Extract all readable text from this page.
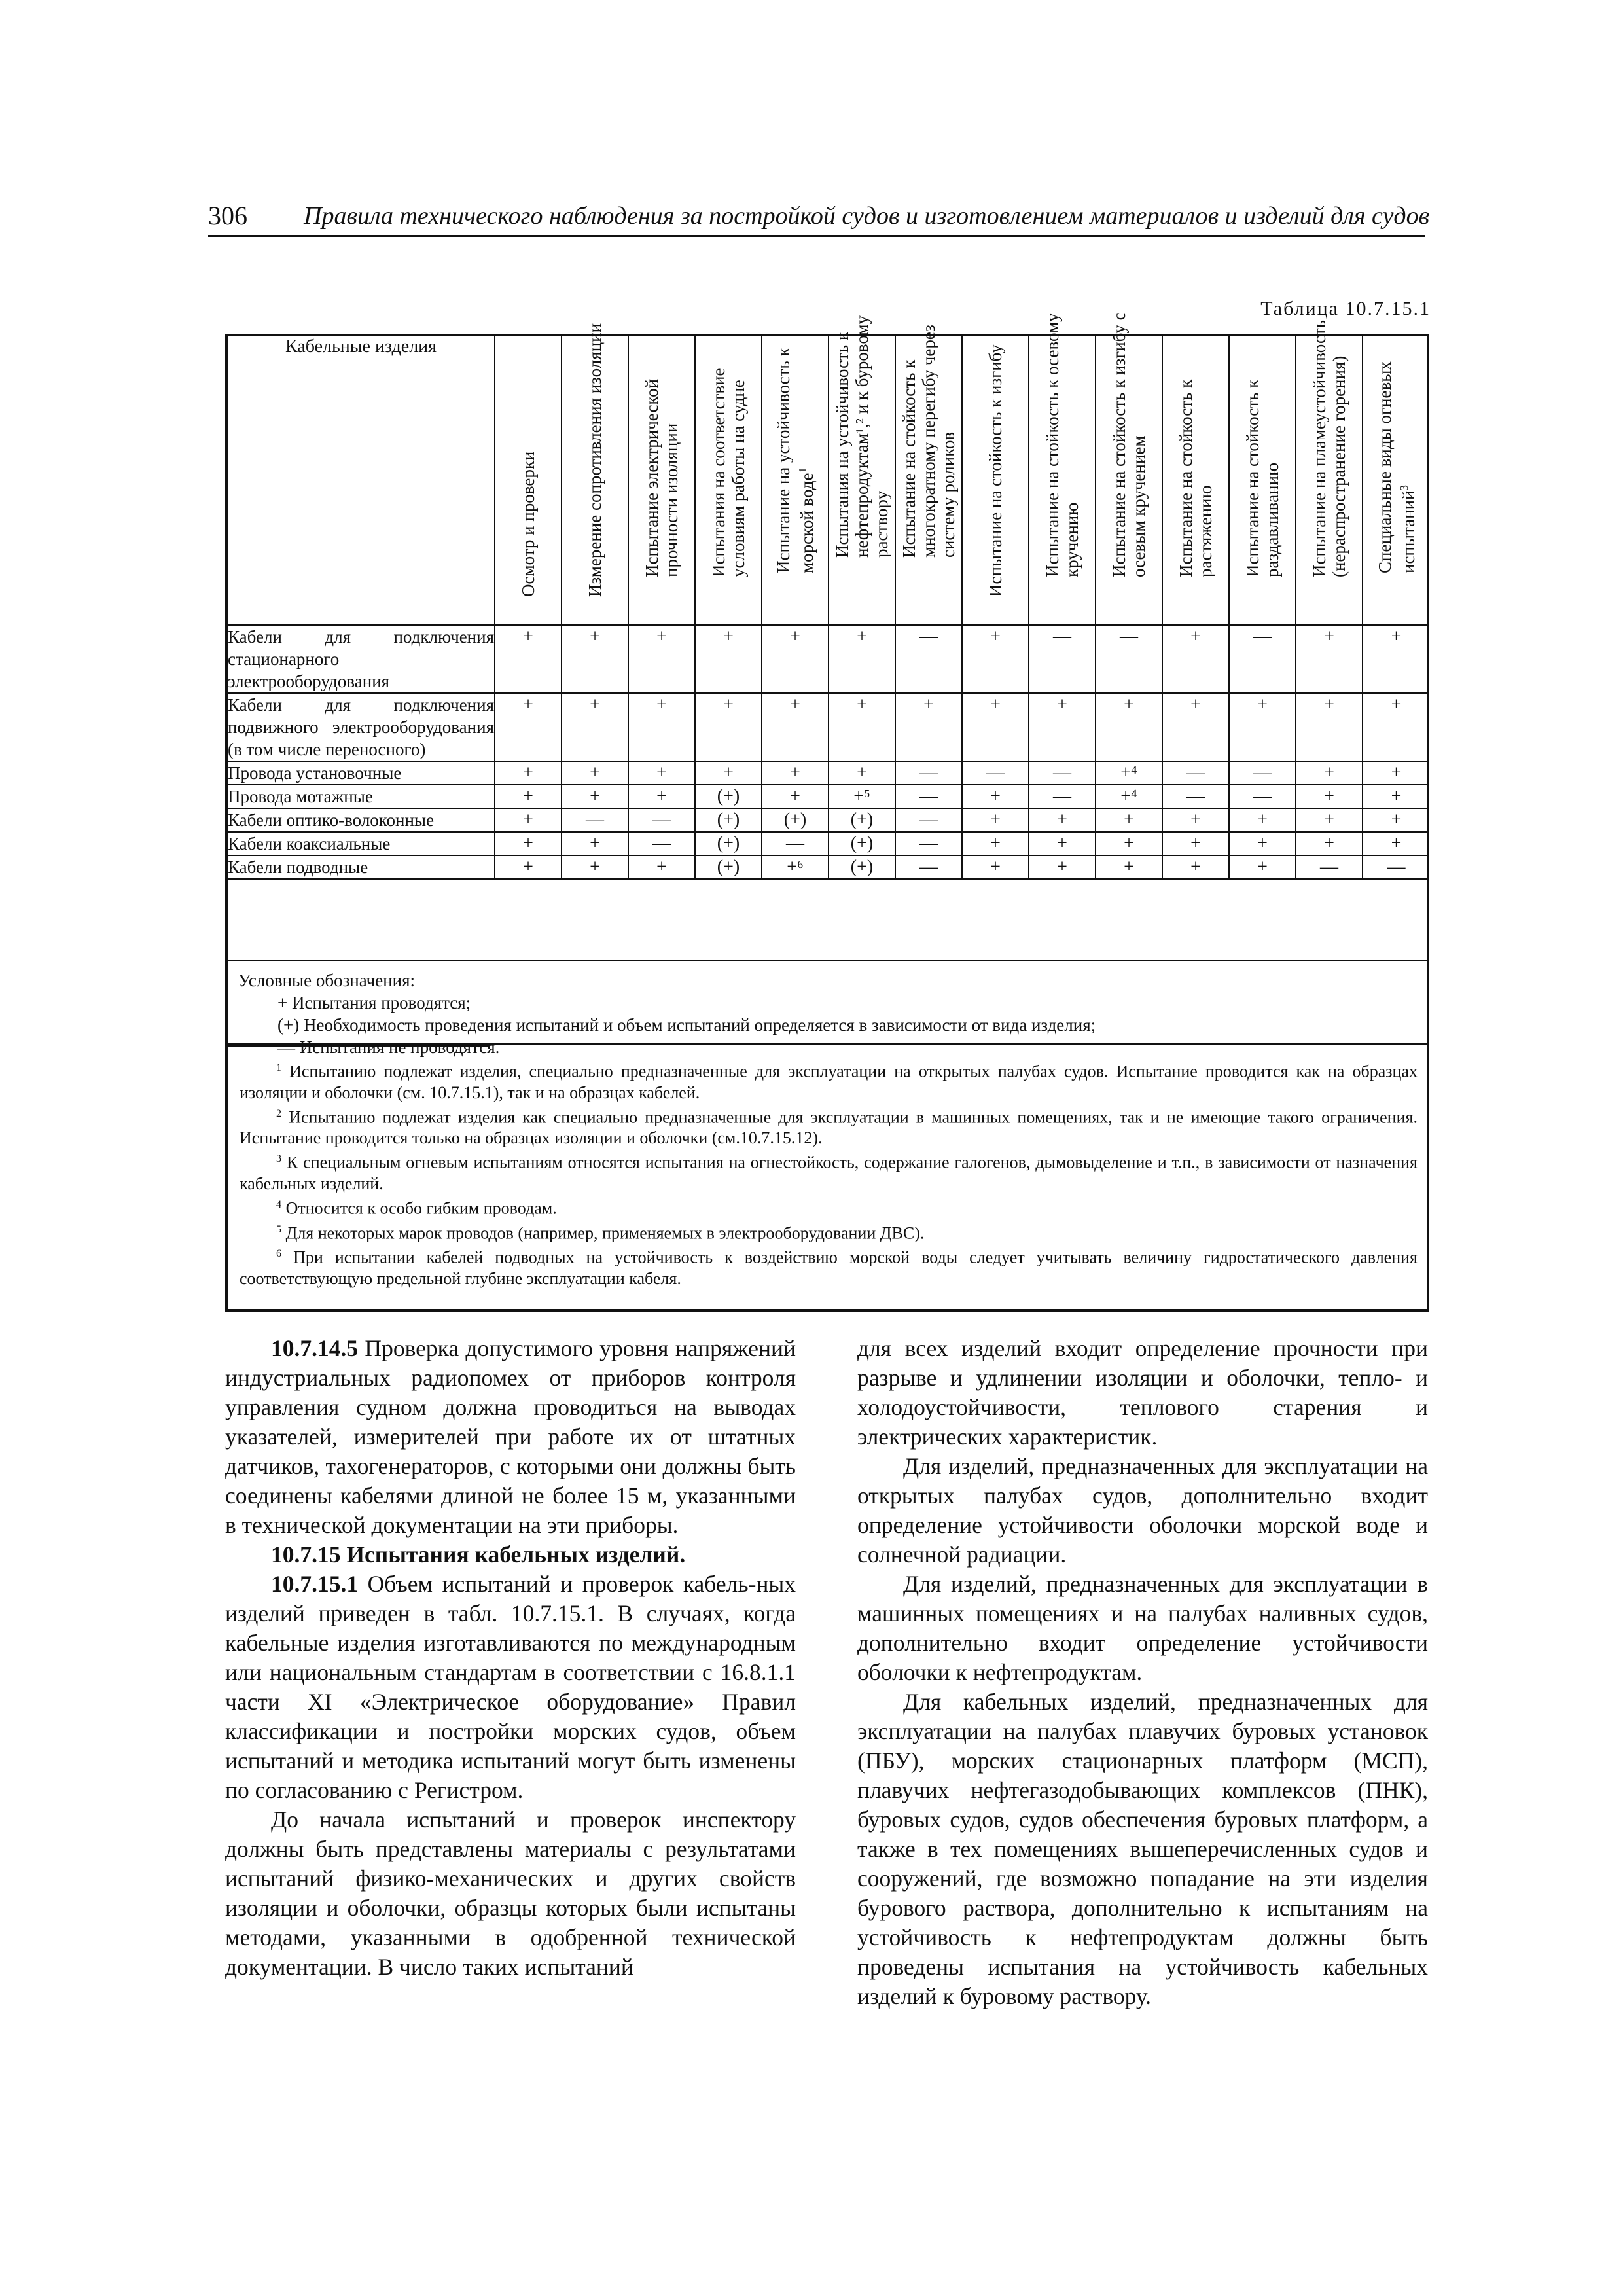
306 Правила технического наблюдения за постройкой судов и изготовлением материалов и изделий для судов
Таблица 10.7.15.1
Кабельные изделия	Осмотр и проверки	Измерение сопротивления изоляции	Испытание электрической прочности изоляции	Испытания на соответствие условиям работы на судне	Испытание на устойчивость к морской воде$^1$	Испытания на устойчивость к нефтепродуктам¹,² и к буровому раствору	Испытание на стойкость к многократному перегибу через систему роликов	Испытание на стойкость к изгибу	Испытание на стойкость к осевому кручению	Испытание на стойкость к изгибу с осевым кручением	Испытание на стойкость к растяжению	Испытание на стойкость к раздавливанию	Испытание на пламеустойчивость (нераспространение горения)	Специальные виды огневых испытаний$^3$

Кабели для подключения стационарного электрооборудования	+	+	+	+	+	+	—	+	—	—	+	—	+	+
Кабели для подключения подвижного электрооборудования (в том числе переносного)	+	+	+	+	+	+	+	+	+	+	+	+	+	+
Провода установочные	+	+	+	+	+	+	—	—	—	+⁴	—	—	+	+
Провода мотажные	+	+	+	(+)	+	+⁵	—	+	—	+⁴	—	—	+	+
Кабели оптико-волоконные	+	—	—	(+)	(+)	(+)	—	+	+	+	+	+	+	+
Кабели коаксиальные	+	+	—	(+)	—	(+)	—	+	+	+	+	+	+	+
Кабели подводные	+	+	+	(+)	+⁶	(+)	—	+	+	+	+	+	—	—
Условные обозначения:
+ Испытания проводятся;
(+) Необходимость проведения испытаний и объем испытаний определяется в зависимости от вида изделия;
— Испытания не проводятся.
$^1$ Испытанию подлежат изделия, специально предназначенные для эксплуатации на открытых палубах судов. Испытание проводится как на образцах изоляции и оболочки (см. 10.7.15.1), так и на образцах кабелей.
$^2$ Испытанию подлежат изделия как специально предназначенные для эксплуатации в машинных помещениях, так и не имеющие такого ограничения. Испытание проводится только на образцах изоляции и оболочки (см.10.7.15.12).
$^3$ К специальным огневым испытаниям относятся испытания на огнестойкость, содержание галогенов, дымовыделение и т.п., в зависимости от назначения кабельных изделий.
$^4$ Относится к особо гибким проводам.
$^5$ Для некоторых марок проводов (например, применяемых в электрооборудовании ДВС).
$^6$ При испытании кабелей подводных на устойчивость к воздействию морской воды следует учитывать величину гидростатического давления соответствующую предельной глубине эксплуатации кабеля.

10.7.14.5 Проверка допустимого уровня напряжений индустриальных радиопомех от приборов контроля управления судном должна проводиться на выводах указателей, измерителей при работе их от штатных датчиков, тахогенераторов, с которыми они должны быть соединены кабелями длиной не более 15 м, указанными в технической документации на эти приборы.

10.7.15 Испытания кабельных изделий.

10.7.15.1 Объем испытаний и проверок кабель-ных изделий приведен в табл. 10.7.15.1. В случаях, когда кабельные изделия изготавливаются по международным или национальным стандартам в соответствии с 16.8.1.1 части XI «Электрическое оборудование» Правил классификации и постройки морских судов, объем испытаний и методика испытаний могут быть изменены по согласованию с Регистром.

До начала испытаний и проверок инспектору должны быть представлены материалы с результатами испытаний физико-механических и других свойств изоляции и оболочки, образцы которых были испытаны методами, указанными в одобренной технической документации. В число таких испытаний

для всех изделий входит определение прочности при разрыве и удлинении изоляции и оболочки, тепло- и холодоустойчивости, теплового старения и электрических характеристик.

Для изделий, предназначенных для эксплуатации на открытых палубах судов, дополнительно входит определение устойчивости оболочки морской воде и солнечной радиации.

Для изделий, предназначенных для эксплуатации в машинных помещениях и на палубах наливных судов, дополнительно входит определение устойчивости оболочки к нефтепродуктам.

Для кабельных изделий, предназначенных для эксплуатации на палубах плавучих буровых установок (ПБУ), морских стационарных платформ (МСП), плавучих нефтегазодобывающих комплексов (ПНК), буровых судов, судов обеспечения буровых платформ, а также в тех помещениях вышеперечисленных судов и сооружений, где возможно попадание на эти изделия бурового раствора, дополнительно к испытаниям на устойчивость к нефтепродуктам должны быть проведены испытания на устойчивость кабельных изделий к буровому раствору.
